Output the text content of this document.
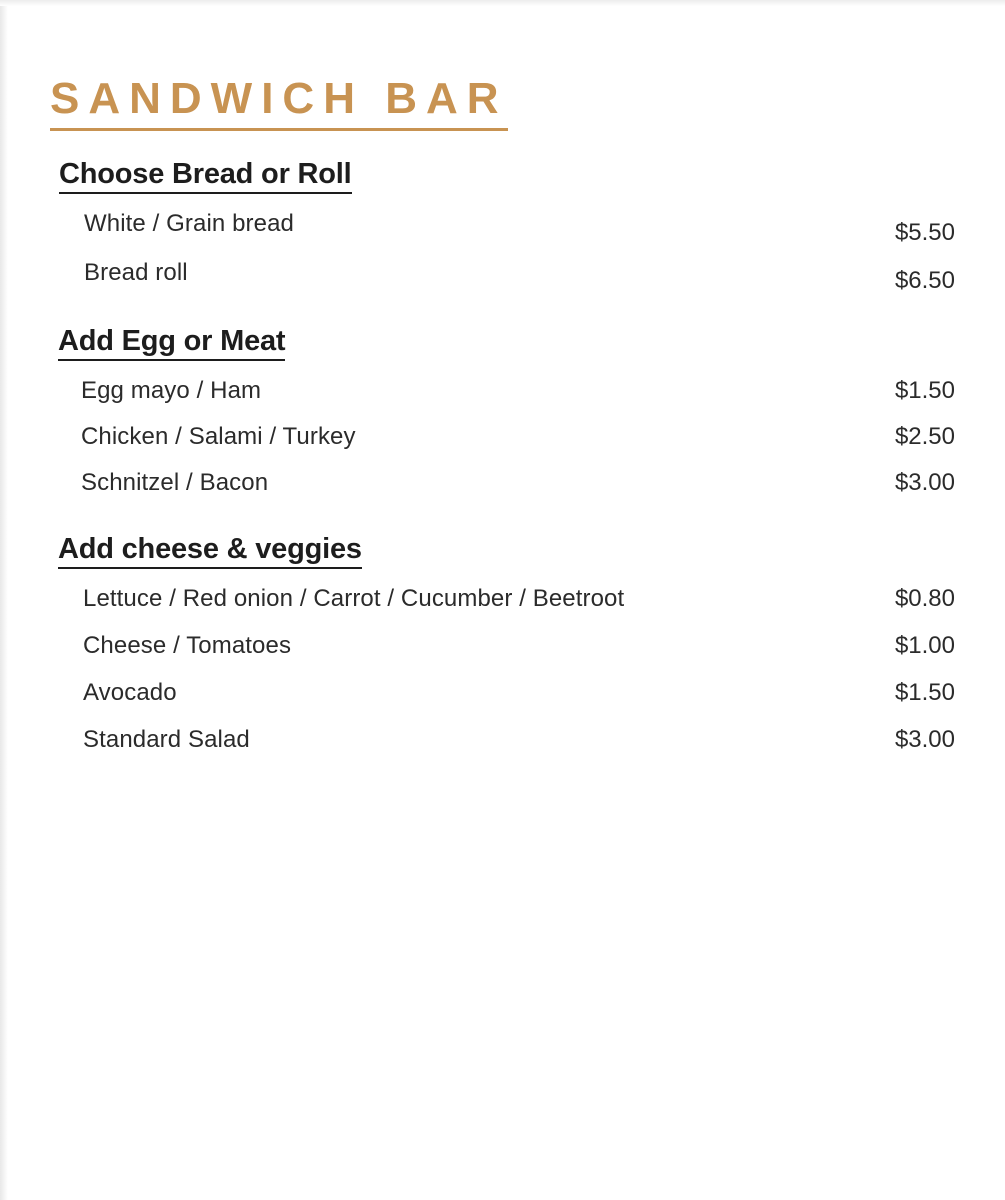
SANDWICH BAR
Choose Bread or Roll
White / Grain bread	$5.50
Bread roll	$6.50
Add Egg or Meat
Egg mayo / Ham	$1.50
Chicken / Salami / Turkey	$2.50
Schnitzel / Bacon	$3.00
Add cheese & veggies
Lettuce / Red onion / Carrot / Cucumber / Beetroot	$0.80
Cheese / Tomatoes	$1.00
Avocado	$1.50
Standard Salad	$3.00
